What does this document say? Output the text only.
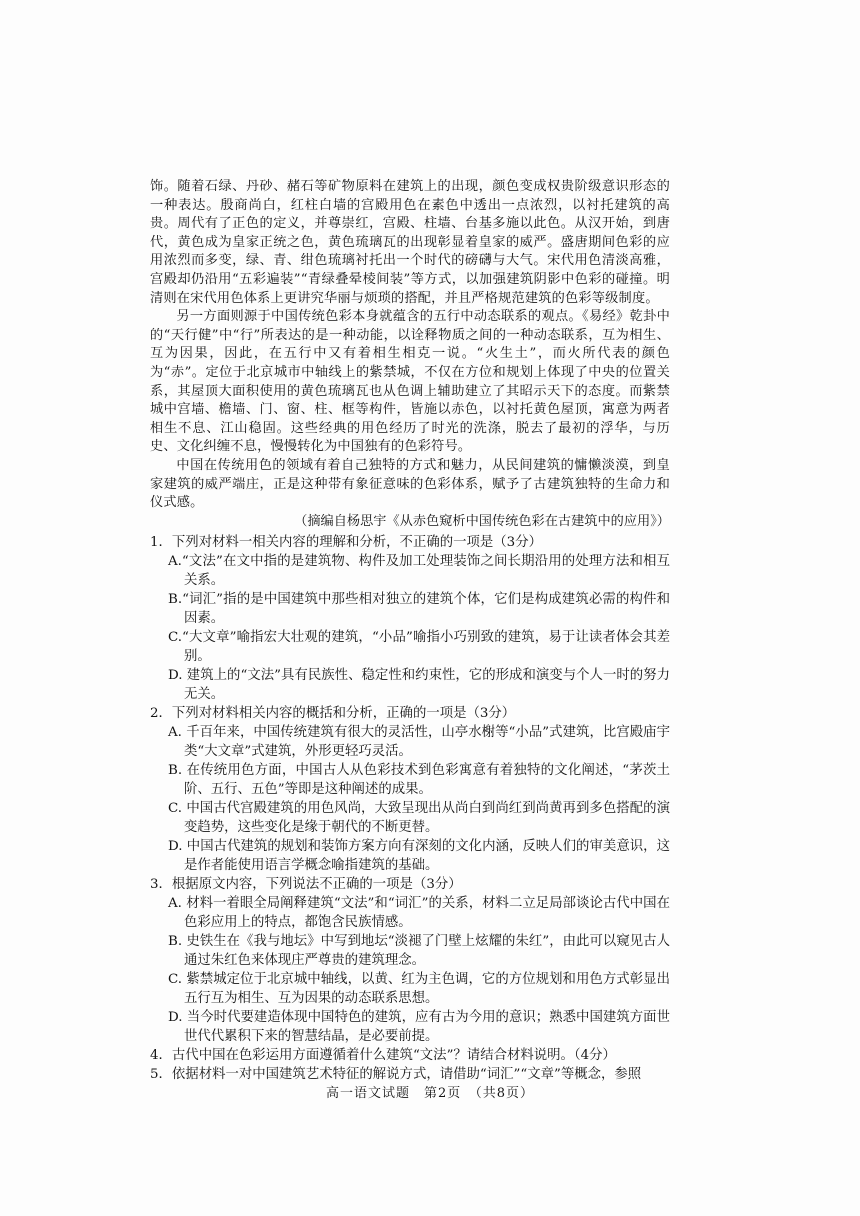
饰。随着石绿、丹砂、赭石等矿物原料在建筑上的出现，颜色变成权贵阶级意识形态的一种表达。殷商尚白，红柱白墙的宫殿用色在素色中透出一点浓烈，以衬托建筑的高贵。周代有了正色的定义，并尊崇红，宫殿、柱墙、台基多施以此色。从汉开始，到唐代，黄色成为皇家正统之色，黄色琉璃瓦的出现彰显着皇家的威严。盛唐期间色彩的应用浓烈而多变，绿、青、绀色琉璃衬托出一个时代的磅礴与大气。宋代用色清淡高雅，宫殿却仍沿用“五彩遍装”“青绿叠晕棱间装”等方式，以加强建筑阴影中色彩的碰撞。明清则在宋代用色体系上更讲究华丽与烦琐的搭配，并且严格规范建筑的色彩等级制度。

另一方面则源于中国传统色彩本身就蕴含的五行中动态联系的观点。《易经》乾卦中的“天行健”中“行”所表达的是一种动能，以诠释物质之间的一种动态联系，互为相生、互为因果，因此，在五行中又有着相生相克一说。“火生土”，而火所代表的颜色为“赤”。定位于北京城市中轴线上的紫禁城，不仅在方位和规划上体现了中央的位置关系，其屋顶大面积使用的黄色琉璃瓦也从色调上辅助建立了其昭示天下的态度。而紫禁城中宫墙、檐墙、门、窗、柱、框等构件，皆施以赤色，以衬托黄色屋顶，寓意为两者相生不息、江山稳固。这些经典的用色经历了时光的洗涤，脱去了最初的浮华，与历史、文化纠缠不息，慢慢转化为中国独有的色彩符号。

中国在传统用色的领域有着自己独特的方式和魅力，从民间建筑的慵懒淡漠，到皇家建筑的威严端庄，正是这种带有象征意味的色彩体系，赋予了古建筑独特的生命力和仪式感。

（摘编自杨思宇《从赤色窥析中国传统色彩在古建筑中的应用》）

1．下列对材料一相关内容的理解和分析，不正确的一项是（3分）

A.“文法”在文中指的是建筑物、构件及加工处理装饰之间长期沿用的处理方法和相互关系。

B.“词汇”指的是中国建筑中那些相对独立的建筑个体，它们是构成建筑必需的构件和因素。

C.“大文章”喻指宏大壮观的建筑，“小品”喻指小巧别致的建筑，易于让读者体会其差别。

D. 建筑上的“文法”具有民族性、稳定性和约束性，它的形成和演变与个人一时的努力无关。

2．下列对材料相关内容的概括和分析，正确的一项是（3分）

A. 千百年来，中国传统建筑有很大的灵活性，山亭水榭等“小品”式建筑，比宫殿庙宇类“大文章”式建筑，外形更轻巧灵活。

B. 在传统用色方面，中国古人从色彩技术到色彩寓意有着独特的文化阐述，“茅茨土阶、五行、五色”等即是这种阐述的成果。

C. 中国古代宫殿建筑的用色风尚，大致呈现出从尚白到尚红到尚黄再到多色搭配的演变趋势，这些变化是缘于朝代的不断更替。

D. 中国古代建筑的规划和装饰方案方向有深刻的文化内涵，反映人们的审美意识，这是作者能使用语言学概念喻指建筑的基础。

3．根据原文内容，下列说法不正确的一项是（3分）

A. 材料一着眼全局阐释建筑“文法”和“词汇”的关系，材料二立足局部谈论古代中国在色彩应用上的特点，都饱含民族情感。

B. 史铁生在《我与地坛》中写到地坛“淡褪了门壁上炫耀的朱红”，由此可以窥见古人通过朱红色来体现庄严尊贵的建筑理念。

C. 紫禁城定位于北京城中轴线，以黄、红为主色调，它的方位规划和用色方式彰显出五行互为相生、互为因果的动态联系思想。

D. 当今时代要建造体现中国特色的建筑，应有古为今用的意识；熟悉中国建筑方面世世代代累积下来的智慧结晶，是必要前提。

4．古代中国在色彩运用方面遵循着什么建筑“文法”？请结合材料说明。（4分）

5．依据材料一对中国建筑艺术特征的解说方式，请借助“词汇”“文章”等概念，参照

高一语文试题　第2页　（共8页）
